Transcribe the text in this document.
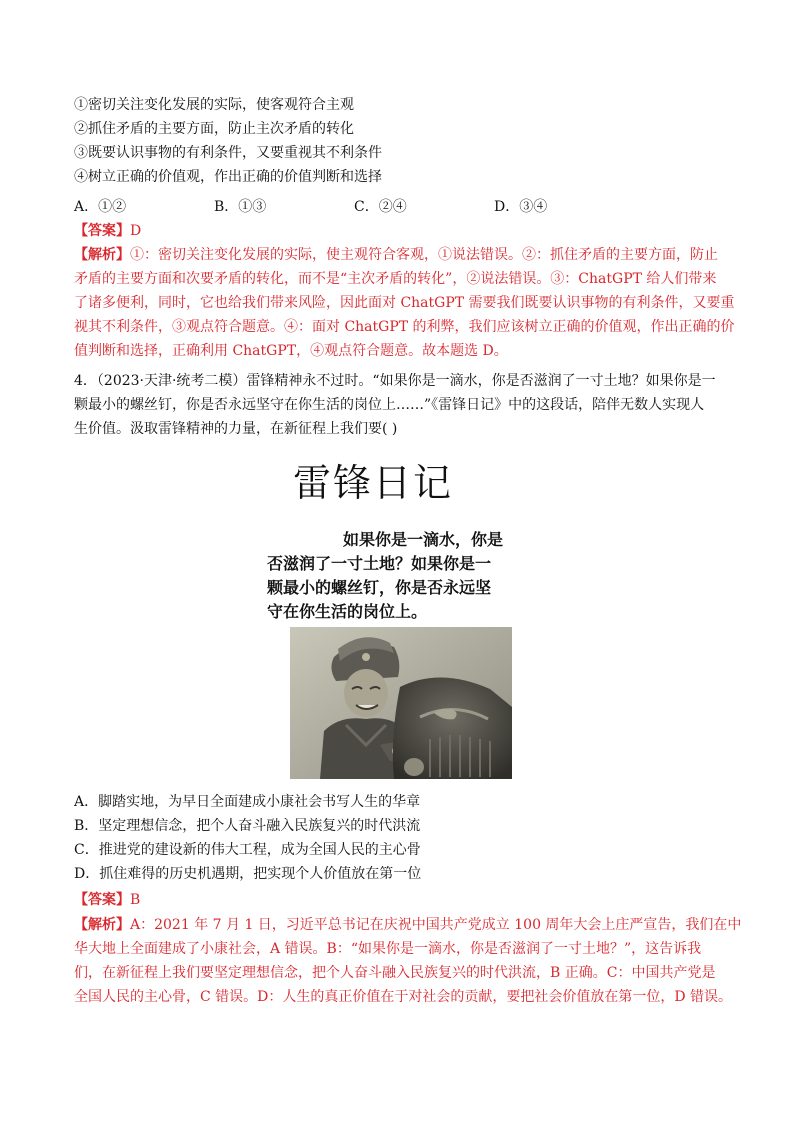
①密切关注变化发展的实际，使客观符合主观
②抓住矛盾的主要方面，防止主次矛盾的转化
③既要认识事物的有利条件，又要重视其不利条件
④树立正确的价值观，作出正确的价值判断和选择
A．①②	B．①③	C．②④	D．③④
【答案】D
【解析】①：密切关注变化发展的实际，使主观符合客观，①说法错误。②：抓住矛盾的主要方面，防止
矛盾的主要方面和次要矛盾的转化，而不是“主次矛盾的转化”，②说法错误。③：ChatGPT 给人们带来
了诸多便利，同时，它也给我们带来风险，因此面对 ChatGPT 需要我们既要认识事物的有利条件，又要重
视其不利条件，③观点符合题意。④：面对 ChatGPT 的利弊，我们应该树立正确的价值观，作出正确的价
值判断和选择，正确利用 ChatGPT，④观点符合题意。故本题选 D。
4．（2023·天津·统考二模）雷锋精神永不过时。“如果你是一滴水，你是否滋润了一寸土地？如果你是一
颗最小的螺丝钉，你是否永远坚守在你生活的岗位上……”《雷锋日记》中的这段话，陪伴无数人实现人
生价值。汲取雷锋精神的力量，在新征程上我们要( )
雷锋日记
如果你是一滴水，你是
否滋润了一寸土地？如果你是一
颗最小的螺丝钉，你是否永远坚
守在你生活的岗位上。
A．脚踏实地，为早日全面建成小康社会书写人生的华章
B．坚定理想信念，把个人奋斗融入民族复兴的时代洪流
C．推进党的建设新的伟大工程，成为全国人民的主心骨
D．抓住难得的历史机遇期，把实现个人价值放在第一位
【答案】B
【解析】A：2021 年 7 月 1 日，习近平总书记在庆祝中国共产党成立 100 周年大会上庄严宣告，我们在中
华大地上全面建成了小康社会，A 错误。B：“如果你是一滴水，你是否滋润了一寸土地？”，这告诉我
们，在新征程上我们要坚定理想信念，把个人奋斗融入民族复兴的时代洪流，B 正确。C：中国共产党是
全国人民的主心骨，C 错误。D：人生的真正价值在于对社会的贡献，要把社会价值放在第一位，D 错误。
